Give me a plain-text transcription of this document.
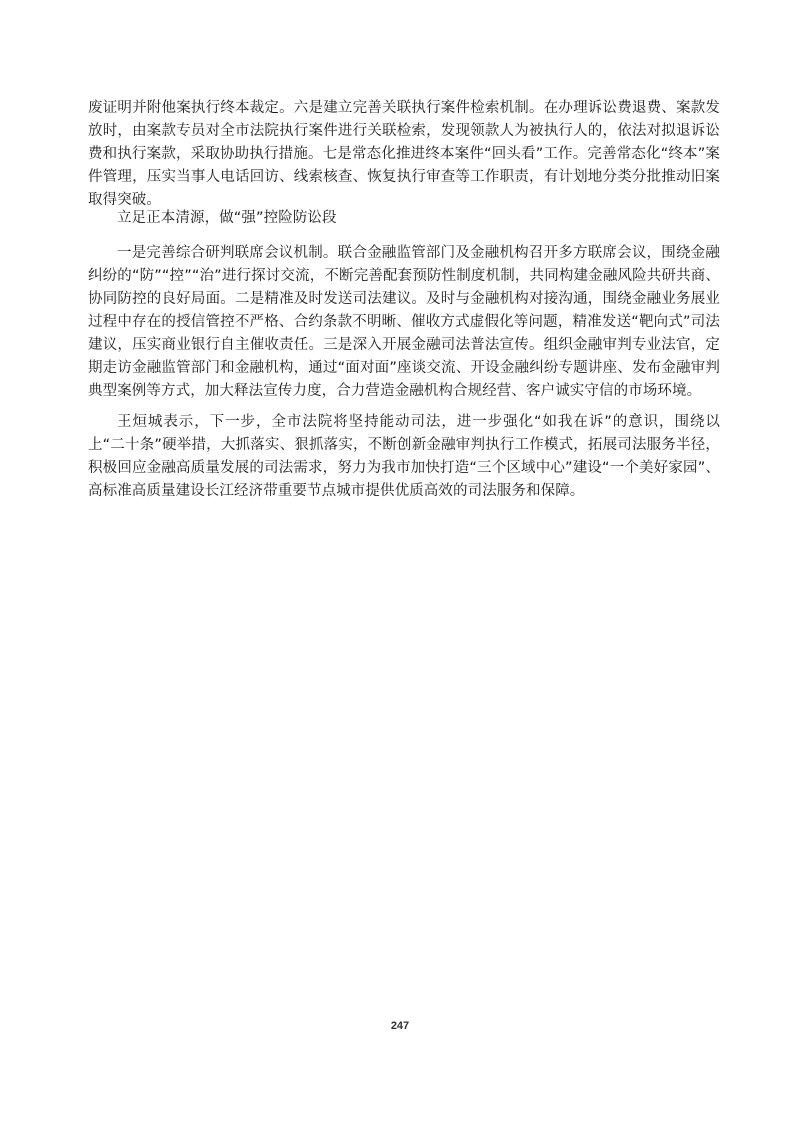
废证明并附他案执行终本裁定。六是建立完善关联执行案件检索机制。在办理诉讼费退费、案款发放时，由案款专员对全市法院执行案件进行关联检索，发现领款人为被执行人的，依法对拟退诉讼费和执行案款，采取协助执行措施。七是常态化推进终本案件“回头看”工作。完善常态化“终本”案件管理，压实当事人电话回访、线索核查、恢复执行审查等工作职责，有计划地分类分批推动旧案取得突破。

立足正本清源，做“强”控险防讼段

一是完善综合研判联席会议机制。联合金融监管部门及金融机构召开多方联席会议，围绕金融纠纷的“防”“控”“治”进行探讨交流，不断完善配套预防性制度机制，共同构建金融风险共研共商、协同防控的良好局面。二是精准及时发送司法建议。及时与金融机构对接沟通，围绕金融业务展业过程中存在的授信管控不严格、合约条款不明晰、催收方式虚假化等问题，精准发送“靶向式”司法建议，压实商业银行自主催收责任。三是深入开展金融司法普法宣传。组织金融审判专业法官，定期走访金融监管部门和金融机构，通过“面对面”座谈交流、开设金融纠纷专题讲座、发布金融审判典型案例等方式，加大释法宣传力度，合力营造金融机构合规经营、客户诚实守信的市场环境。

王烜城表示，下一步，全市法院将坚持能动司法，进一步强化“如我在诉”的意识，围绕以上“二十条”硬举措，大抓落实、狠抓落实，不断创新金融审判执行工作模式，拓展司法服务半径，积极回应金融高质量发展的司法需求，努力为我市加快打造“三个区域中心”建设“一个美好家园”、高标准高质量建设长江经济带重要节点城市提供优质高效的司法服务和保障。

247
